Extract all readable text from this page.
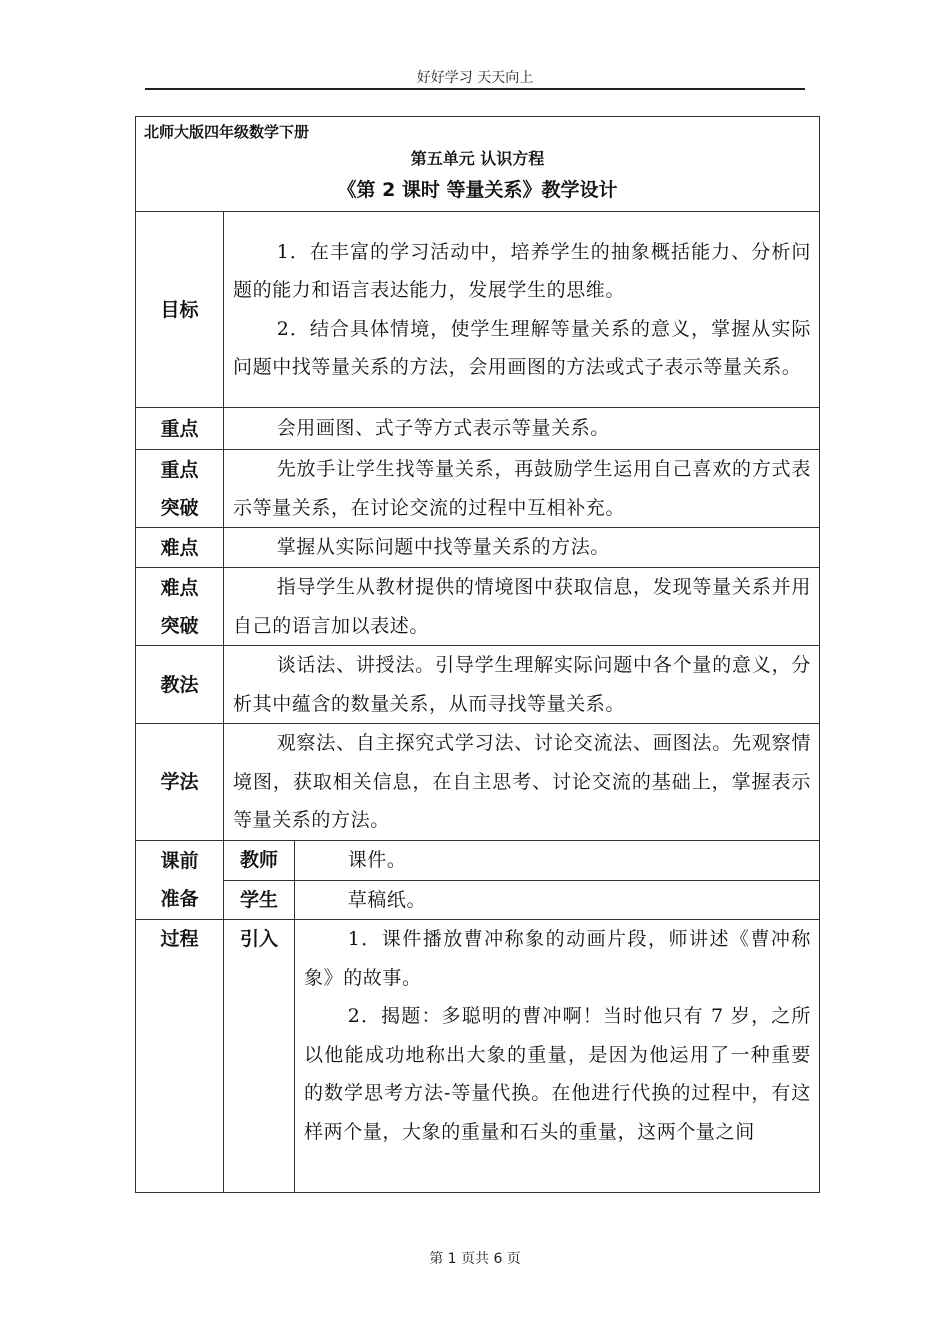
好好学习 天天向上
北师大版四年级数学下册
第五单元 认识方程
《第 2 课时 等量关系》教学设计		

目标	1．在丰富的学习活动中，培养学生的抽象概括能力、分析问题的能力和语言表达能力，发展学生的思维。

2．结合具体情境，使学生理解等量关系的意义，掌握从实际问题中找等量关系的方法，会用画图的方法或式子表示等量关系。	

重点	会用画图、式子等方式表示等量关系。	

重点
突破	先放手让学生找等量关系，再鼓励学生运用自己喜欢的方式表示等量关系，在讨论交流的过程中互相补充。	

难点	掌握从实际问题中找等量关系的方法。	

难点
突破	指导学生从教材提供的情境图中获取信息，发现等量关系并用自己的语言加以表述。	

教法	谈话法、讲授法。引导学生理解实际问题中各个量的意义，分析其中蕴含的数量关系，从而寻找等量关系。	

学法	观察法、自主探究式学习法、讨论交流法、画图法。先观察情境图，获取相关信息，在自主思考、讨论交流的基础上，掌握表示等量关系的方法。	

课前
准备	教师	课件。

	学生	草稿纸。

过程	引入	1．课件播放曹冲称象的动画片段，师讲述《曹冲称象》的故事。

2．揭题：多聪明的曹冲啊！当时他只有 7 岁，之所以他能成功地称出大象的重量，是因为他运用了一种重要的数学思考方法-等量代换。在他进行代换的过程中，有这样两个量，大象的重量和石头的重量，这两个量之间

第 1 页共 6 页
